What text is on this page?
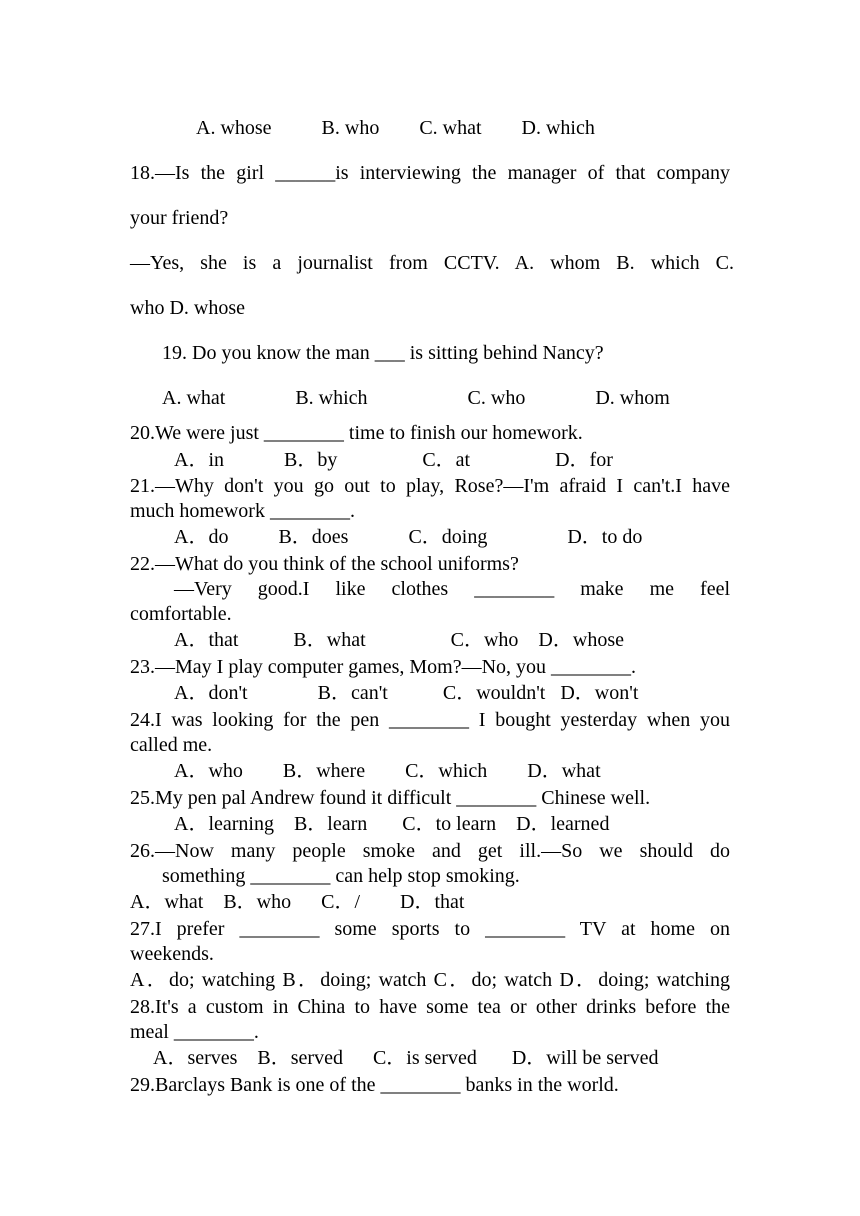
A. whose          B. who        C. what        D. which
18.—Is the girl ______is interviewing the manager of that company
your friend?
—Yes, she is a journalist from CCTV. A. whom B. which C.
who D. whose
19. Do you know the man ___ is sitting behind Nancy?
A. what              B. which                    C. who              D. whom
20.We were just ________ time to finish our homework.
A．in            B．by                 C．at                 D．for
21.—Why don't you go out to play, Rose?—I'm afraid I can't.I have
much homework ________.
A．do          B．does            C．doing                D．to do
22.—What do you think of the school uniforms?
—Very good.I like clothes ________ make me feel
comfortable.
A．that           B．what                 C．who    D．whose
23.—May I play computer games, Mom?—No, you ________.
A．don't              B．can't           C．wouldn't   D．won't
24.I was looking for the pen ________ I bought yesterday when you
called me.
A．who        B．where        C．which        D．what
25.My pen pal Andrew found it difficult ________ Chinese well.
A．learning    B．learn       C．to learn    D．learned
26.—Now many people smoke and get ill.—So we should do
something ________ can help stop smoking.
A．what    B．who      C．/        D．that
27.I prefer ________ some sports to ________ TV at home on
weekends.
A．do; watching B．doing; watch C．do; watch D．doing; watching
28.It's a custom in China to have some tea or other drinks before the
meal ________.
A．serves    B．served      C．is served       D．will be served
29.Barclays Bank is one of the ________ banks in the world.
